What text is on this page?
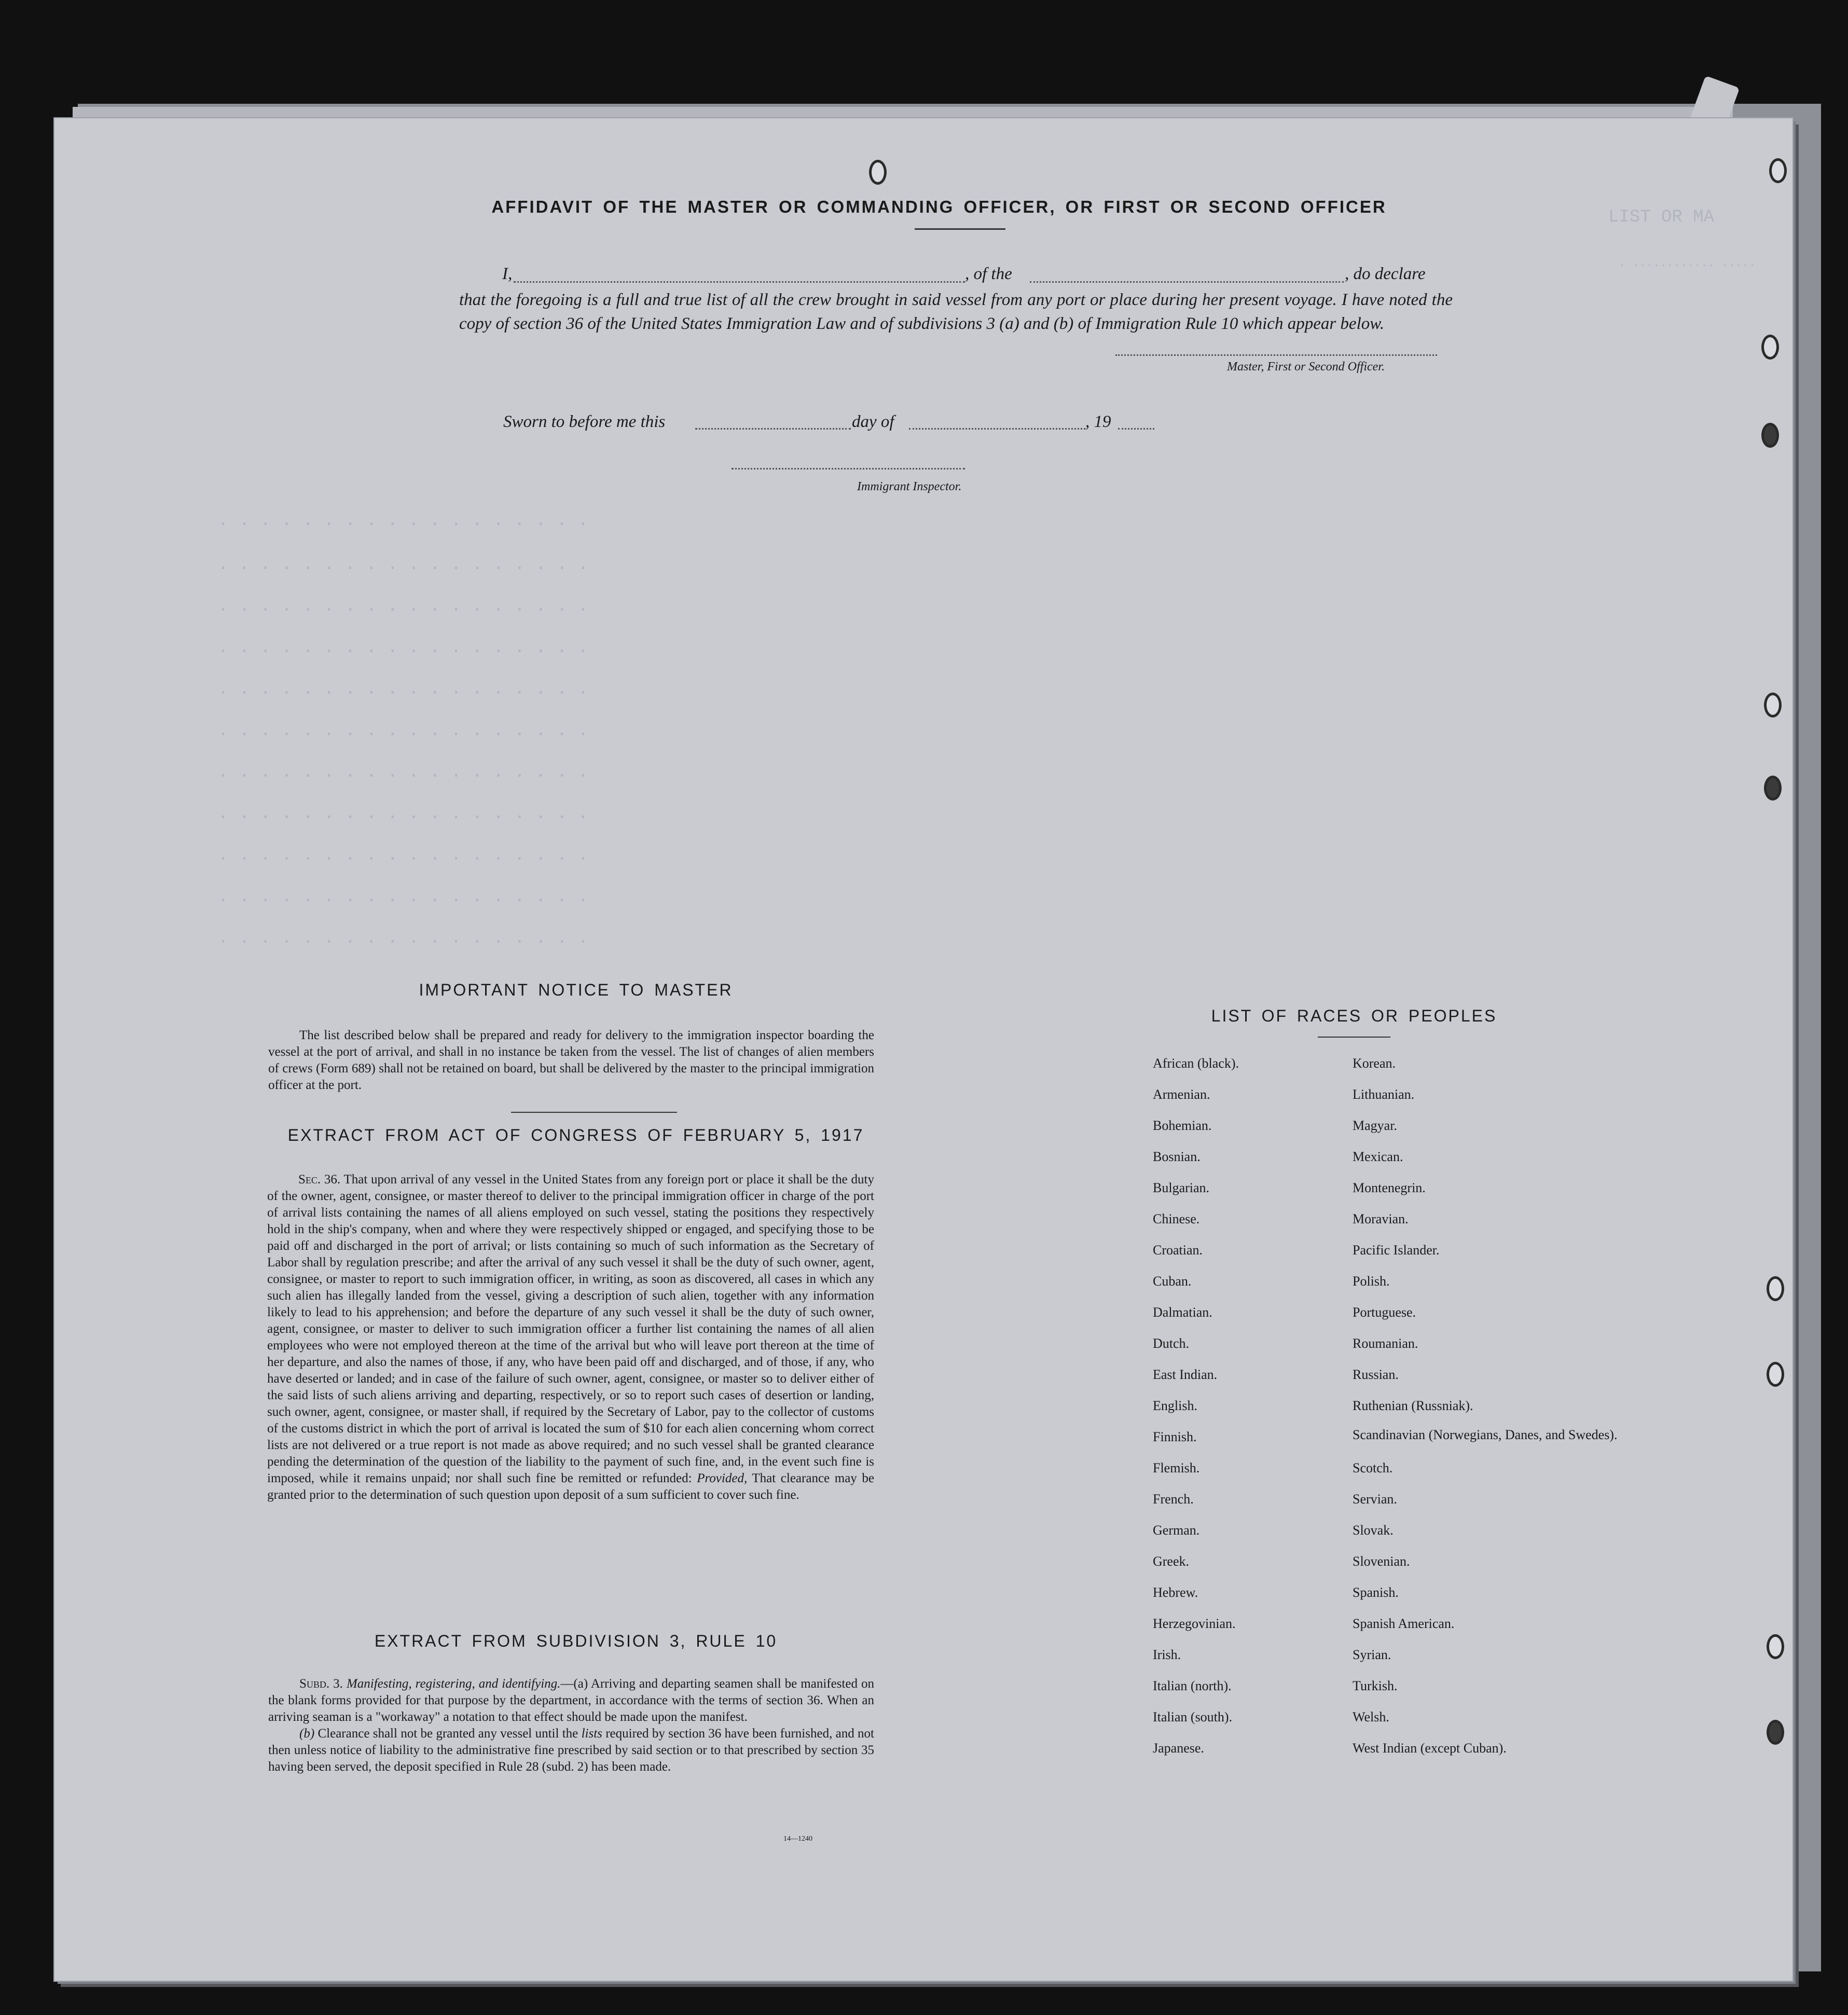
LIST OR MA
. ............ .....
. . . . . . . . . . . . . . . . . .
. . . . . . . . . . . . . . . . . .
. . . . . . . . . . . . . . . . . .
. . . . . . . . . . . . . . . . . .
. . . . . . . . . . . . . . . . . .
. . . . . . . . . . . . . . . . . .
. . . . . . . . . . . . . . . . . .
. . . . . . . . . . . . . . . . . .
. . . . . . . . . . . . . . . . . .
. . . . . . . . . . . . . . . . . .
. . . . . . . . . . . . . . . . . .
AFFIDAVIT OF THE MASTER OR COMMANDING OFFICER, OR FIRST OR SECOND OFFICER
I,	, of the	, do declare
that the foregoing is a full and true list of all the crew brought in said vessel from any port or place during her present voyage. I have noted the copy of section 36 of the United States Immigration Law and of subdivisions 3 (a) and (b) of Immigration Rule 10 which appear below.
Master, First or Second Officer.
Sworn to before me this	day of	, 19
Immigrant Inspector.
IMPORTANT NOTICE TO MASTER

The list described below shall be prepared and ready for delivery to the immigration inspector boarding the vessel at the port of arrival, and shall in no instance be taken from the vessel. The list of changes of alien members of crews (Form 689) shall not be retained on board, but shall be delivered by the master to the principal immigration officer at the port.

EXTRACT FROM ACT OF CONGRESS OF FEBRUARY 5, 1917

Sec. 36. That upon arrival of any vessel in the United States from any foreign port or place it shall be the duty of the owner, agent, consignee, or master thereof to deliver to the principal immigration officer in charge of the port of arrival lists containing the names of all aliens employed on such vessel, stating the positions they respectively hold in the ship's company, when and where they were respectively shipped or engaged, and specifying those to be paid off and discharged in the port of arrival; or lists containing so much of such information as the Secretary of Labor shall by regulation prescribe; and after the arrival of any such vessel it shall be the duty of such owner, agent, consignee, or master to report to such immigration officer, in writing, as soon as discovered, all cases in which any such alien has illegally landed from the vessel, giving a description of such alien, together with any information likely to lead to his apprehension; and before the departure of any such vessel it shall be the duty of such owner, agent, consignee, or master to deliver to such immigration officer a further list containing the names of all alien employees who were not employed thereon at the time of the arrival but who will leave port thereon at the time of her departure, and also the names of those, if any, who have been paid off and discharged, and of those, if any, who have deserted or landed; and in case of the failure of such owner, agent, consignee, or master so to deliver either of the said lists of such aliens arriving and departing, respectively, or so to report such cases of desertion or landing, such owner, agent, consignee, or master shall, if required by the Secretary of Labor, pay to the collector of customs of the customs district in which the port of arrival is located the sum of $10 for each alien concerning whom correct lists are not delivered or a true report is not made as above required; and no such vessel shall be granted clearance pending the determination of the question of the liability to the payment of such fine, and, in the event such fine is imposed, while it remains unpaid; nor shall such fine be remitted or refunded: Provided, That clearance may be granted prior to the determination of such question upon deposit of a sum sufficient to cover such fine.

EXTRACT FROM SUBDIVISION 3, RULE 10

Subd. 3. Manifesting, registering, and identifying.—(a) Arriving and departing seamen shall be manifested on the blank forms provided for that purpose by the department, in accordance with the terms of section 36. When an arriving seaman is a "workaway" a notation to that effect should be made upon the manifest.

(b) Clearance shall not be granted any vessel until the lists required by section 36 have been furnished, and not then unless notice of liability to the administrative fine prescribed by said section or to that prescribed by section 35 having been served, the deposit specified in Rule 28 (subd. 2) has been made.

14—1240
LIST OF RACES OR PEOPLES
African (black).	Korean.
Armenian.	Lithuanian.
Bohemian.	Magyar.
Bosnian.	Mexican.
Bulgarian.	Montenegrin.
Chinese.	Moravian.
Croatian.	Pacific Islander.
Cuban.	Polish.
Dalmatian.	Portuguese.
Dutch.	Roumanian.
East Indian.	Russian.
English.	Ruthenian (Russniak).
Finnish.	Scandinavian (Norwegians, Danes, and Swedes).
Flemish.	Scotch.
French.	Servian.
German.	Slovak.
Greek.	Slovenian.
Hebrew.	Spanish.
Herzegovinian.	Spanish American.
Irish.	Syrian.
Italian (north).	Turkish.
Italian (south).	Welsh.
Japanese.	West Indian (except Cuban).
